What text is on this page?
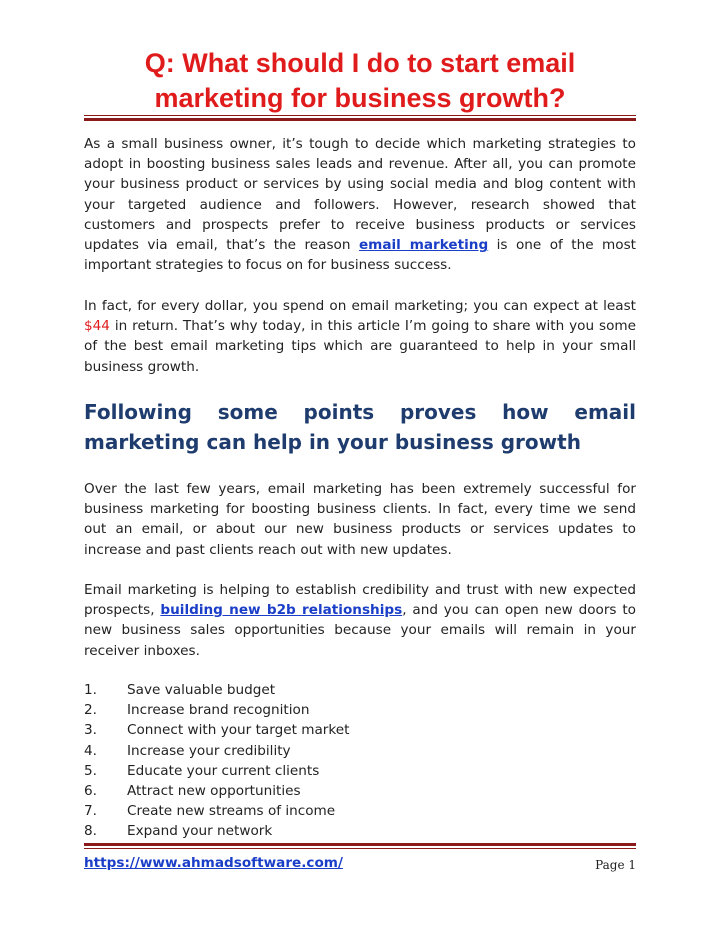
Q: What should I do to start email
marketing for business growth?

As a small business owner, it’s tough to decide which marketing strategies to adopt in boosting business sales leads and revenue. After all, you can promote your business product or services by using social media and blog content with your targeted audience and followers. However, research showed that customers and prospects prefer to receive business products or services updates via email, that’s the reason email marketing is one of the most important strategies to focus on for business success.

In fact, for every dollar, you spend on email marketing; you can expect at least $44 in return. That’s why today, in this article I’m going to share with you some of the best email marketing tips which are guaranteed to help in your small business growth.

Following some points proves how email
marketing can help in your business growth

Over the last few years, email marketing has been extremely successful for business marketing for boosting business clients. In fact, every time we send out an email, or about our new business products or services updates to increase and past clients reach out with new updates.

Email marketing is helping to establish credibility and trust with new expected prospects, building new b2b relationships, and you can open new doors to new business sales opportunities because your emails will remain in your receiver inboxes.

1.	Save valuable budget
2.	Increase brand recognition
3.	Connect with your target market
4.	Increase your credibility
5.	Educate your current clients
6.	Attract new opportunities
7.	Create new streams of income
8.	Expand your network
https://www.ahmadsoftware.com/	Page 1
